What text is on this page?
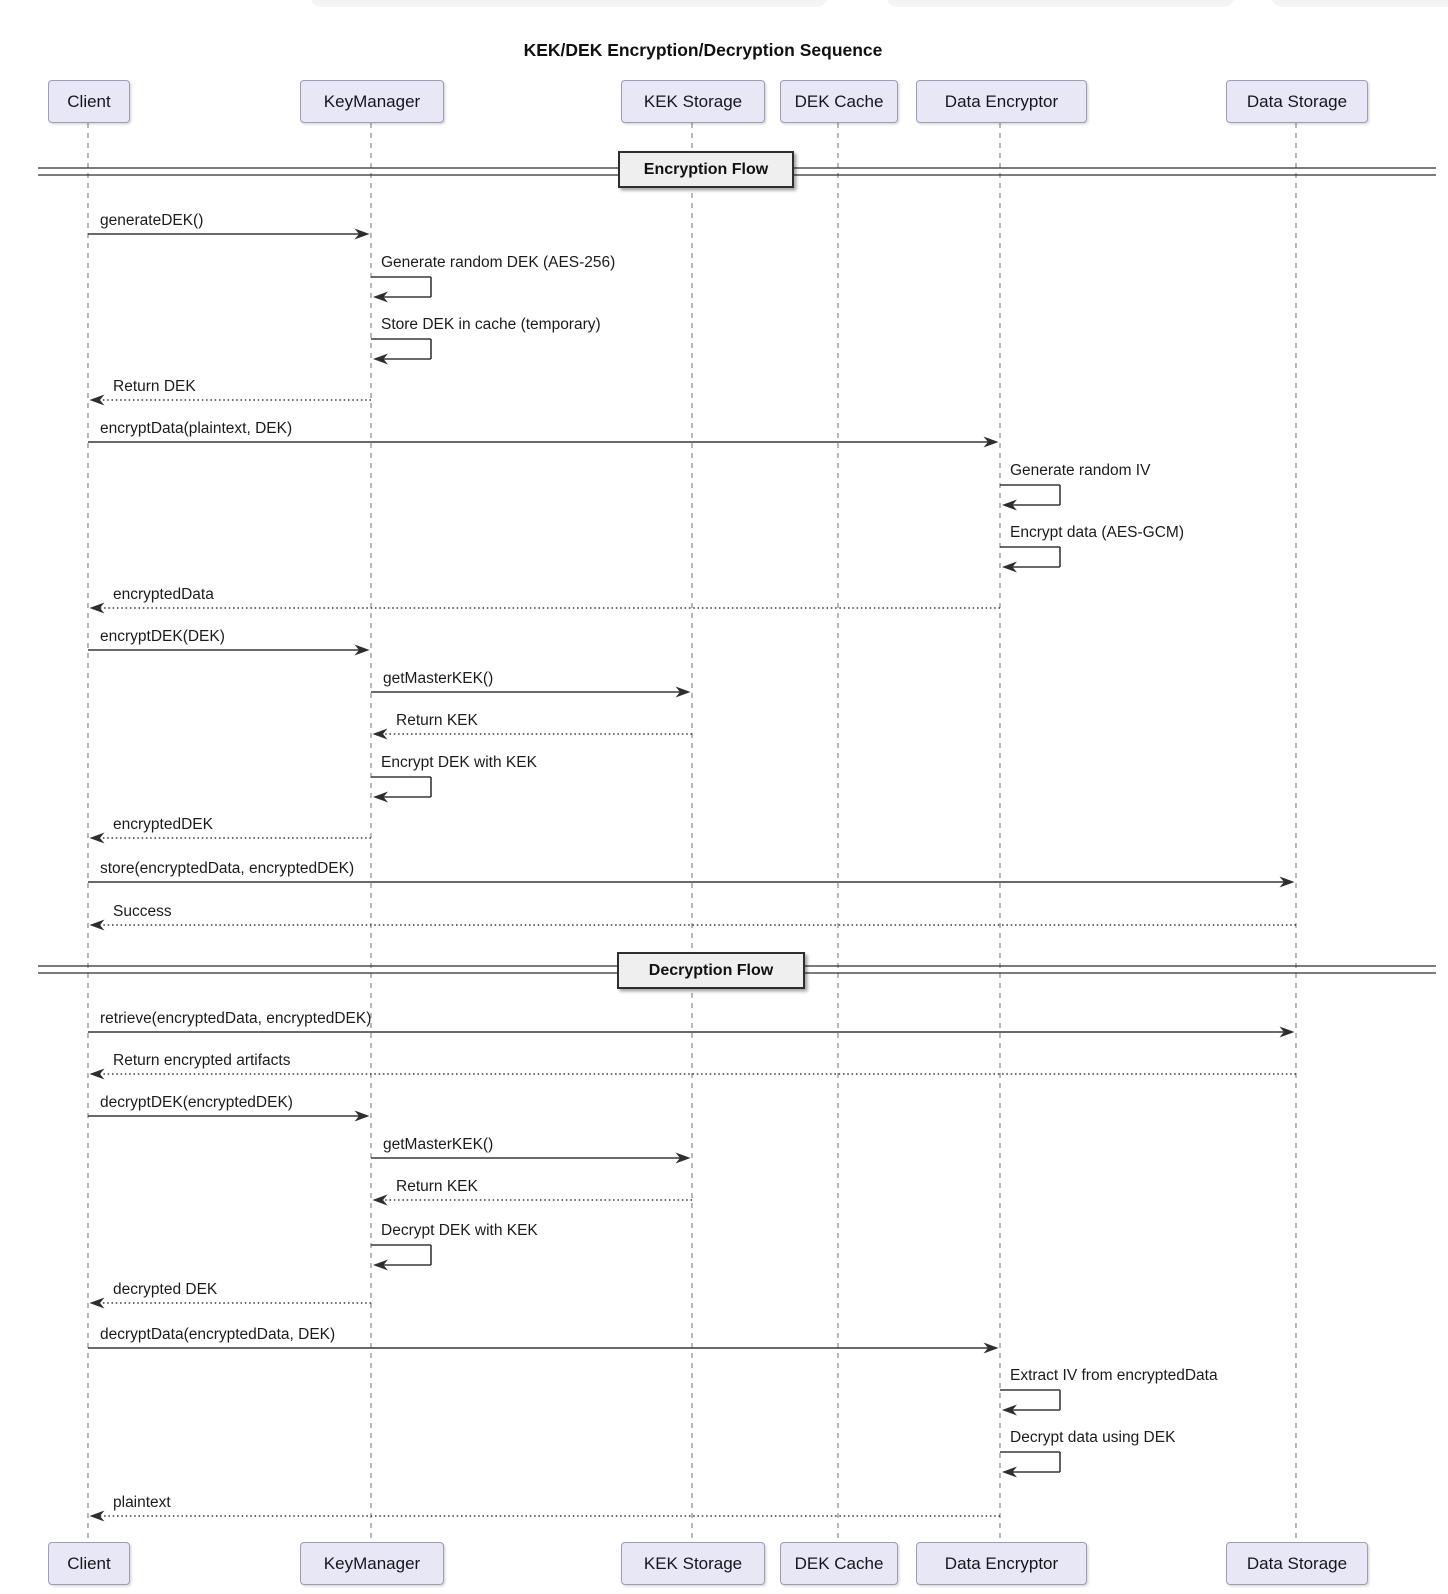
KEK/DEK Encryption/Decryption Sequence
Client
Client
KeyManager
KeyManager
KEK Storage
KEK Storage
DEK Cache
DEK Cache
Data Encryptor
Data Encryptor
Data Storage
Data Storage
Encryption Flow
Decryption Flow
generateDEK()
Generate random DEK (AES-256)
Store DEK in cache (temporary)
Return DEK
encryptData(plaintext, DEK)
Generate random IV
Encrypt data (AES-GCM)
encryptedData
encryptDEK(DEK)
getMasterKEK()
Return KEK
Encrypt DEK with KEK
encryptedDEK
store(encryptedData, encryptedDEK)
Success
retrieve(encryptedData, encryptedDEK)
Return encrypted artifacts
decryptDEK(encryptedDEK)
getMasterKEK()
Return KEK
Decrypt DEK with KEK
decrypted DEK
decryptData(encryptedData, DEK)
Extract IV from encryptedData
Decrypt data using DEK
plaintext
